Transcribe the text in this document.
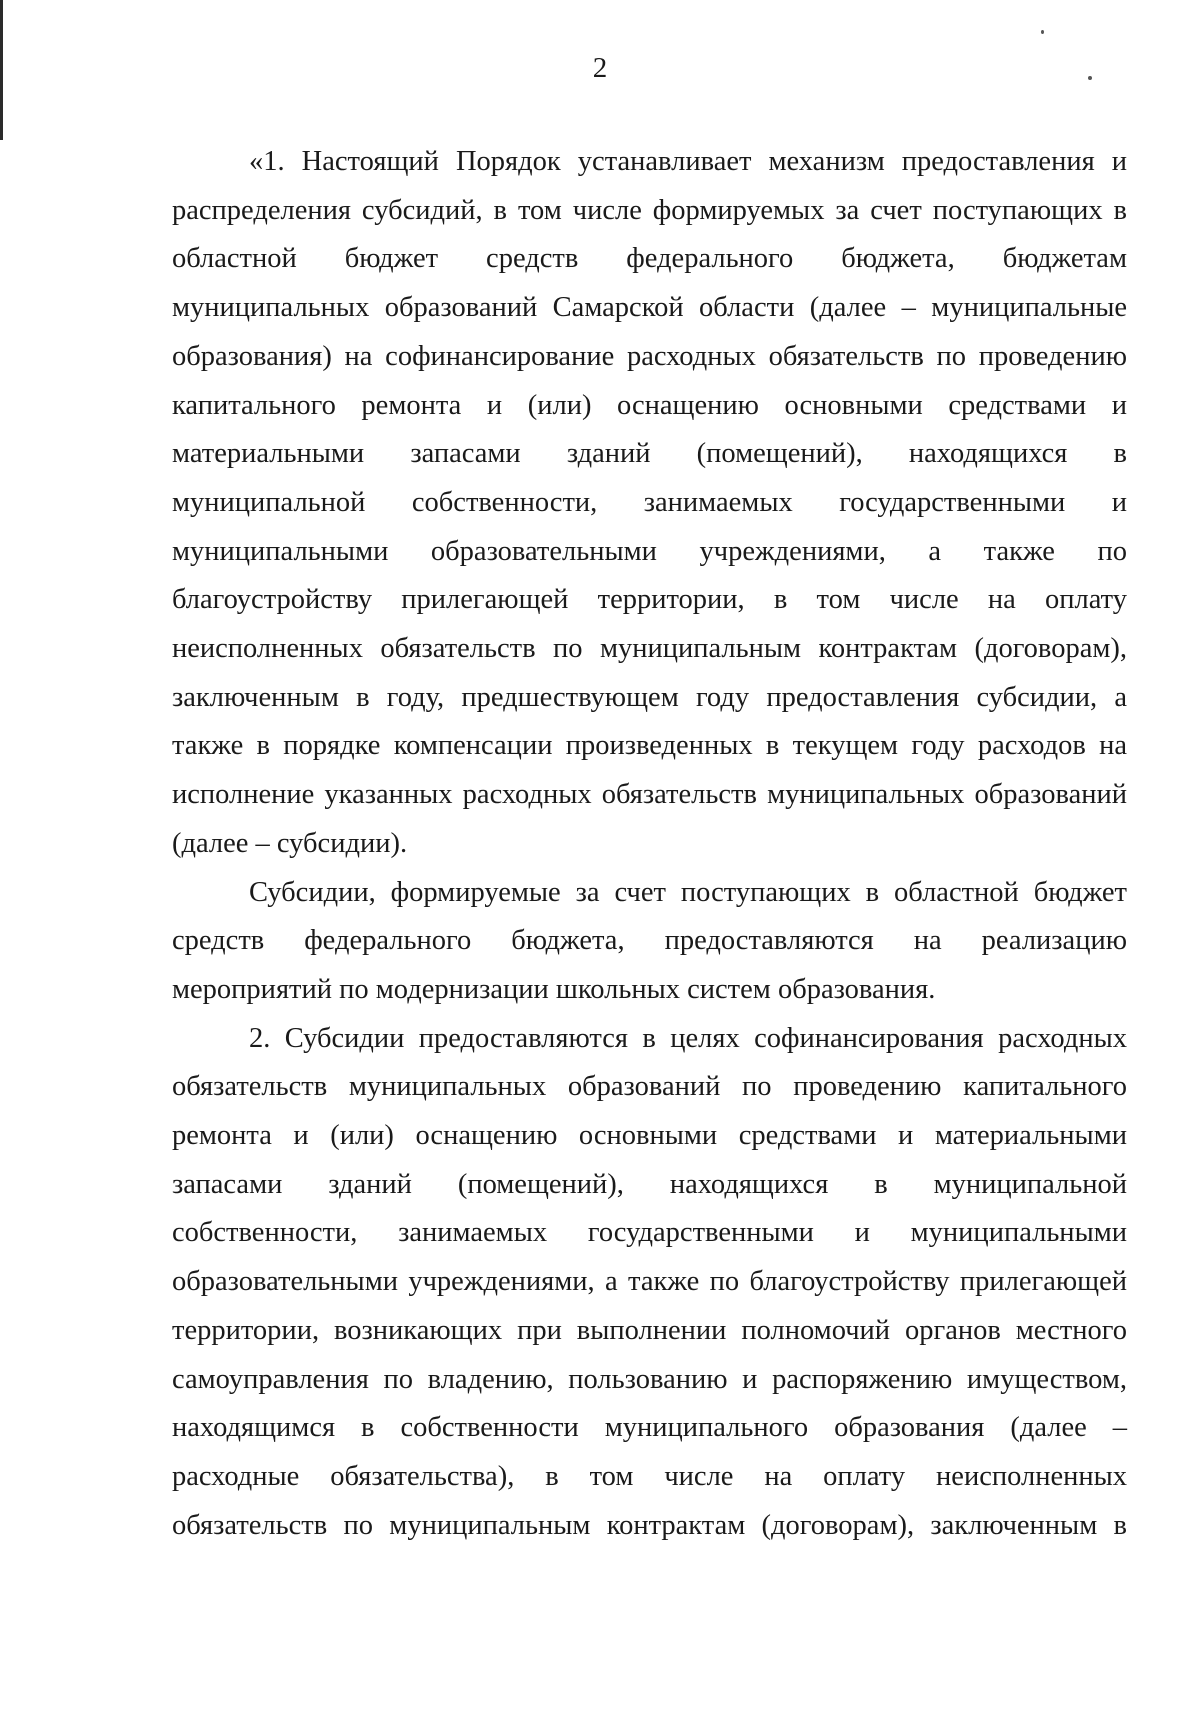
2
«1. Настоящий Порядок устанавливает механизм предоставления и
распределения субсидий, в том числе формируемых за счет поступающих в
областной бюджет средств федерального бюджета, бюджетам
муниципальных образований Самарской области (далее – муниципальные
образования) на софинансирование расходных обязательств по проведению
капитального ремонта и (или) оснащению основными средствами и
материальными запасами зданий (помещений), находящихся в
муниципальной собственности, занимаемых государственными и
муниципальными образовательными учреждениями, а также по
благоустройству прилегающей территории, в том числе на оплату
неисполненных обязательств по муниципальным контрактам (договорам),
заключенным в году, предшествующем году предоставления субсидии, а
также в порядке компенсации произведенных в текущем году расходов на
исполнение указанных расходных обязательств муниципальных образований
(далее – субсидии).
Субсидии, формируемые за счет поступающих в областной бюджет
средств федерального бюджета, предоставляются на реализацию
мероприятий по модернизации школьных систем образования.
2. Субсидии предоставляются в целях софинансирования расходных
обязательств муниципальных образований по проведению капитального
ремонта и (или) оснащению основными средствами и материальными
запасами зданий (помещений), находящихся в муниципальной
собственности, занимаемых государственными и муниципальными
образовательными учреждениями, а также по благоустройству прилегающей
территории, возникающих при выполнении полномочий органов местного
самоуправления по владению, пользованию и распоряжению имуществом,
находящимся в собственности муниципального образования (далее –
расходные обязательства), в том числе на оплату неисполненных
обязательств по муниципальным контрактам (договорам), заключенным в
